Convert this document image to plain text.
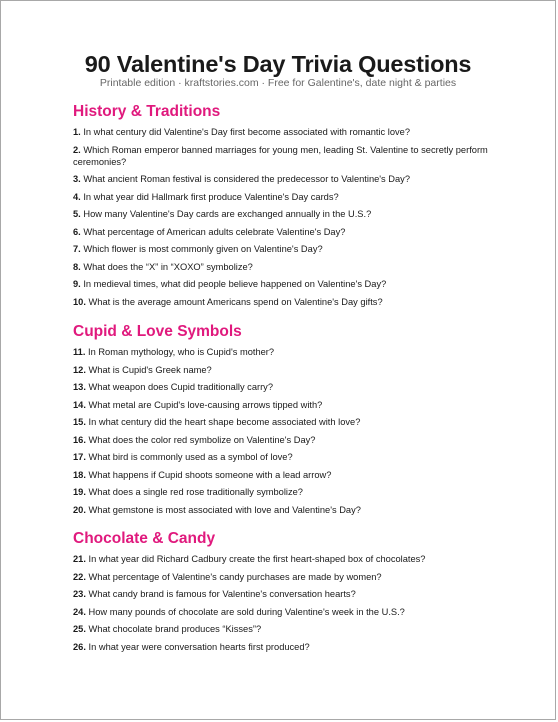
90 Valentine's Day Trivia Questions
Printable edition · kraftstories.com · Free for Galentine's, date night & parties
History & Traditions

1. In what century did Valentine's Day first become associated with romantic love?

2. Which Roman emperor banned marriages for young men, leading St. Valentine to secretly perform ceremonies?

3. What ancient Roman festival is considered the predecessor to Valentine's Day?

4. In what year did Hallmark first produce Valentine's Day cards?

5. How many Valentine's Day cards are exchanged annually in the U.S.?

6. What percentage of American adults celebrate Valentine's Day?

7. Which flower is most commonly given on Valentine's Day?

8. What does the “X” in “XOXO” symbolize?

9. In medieval times, what did people believe happened on Valentine's Day?

10. What is the average amount Americans spend on Valentine's Day gifts?

Cupid & Love Symbols

11. In Roman mythology, who is Cupid's mother?

12. What is Cupid's Greek name?

13. What weapon does Cupid traditionally carry?

14. What metal are Cupid's love-causing arrows tipped with?

15. In what century did the heart shape become associated with love?

16. What does the color red symbolize on Valentine's Day?

17. What bird is commonly used as a symbol of love?

18. What happens if Cupid shoots someone with a lead arrow?

19. What does a single red rose traditionally symbolize?

20. What gemstone is most associated with love and Valentine's Day?

Chocolate & Candy

21. In what year did Richard Cadbury create the first heart-shaped box of chocolates?

22. What percentage of Valentine's candy purchases are made by women?

23. What candy brand is famous for Valentine's conversation hearts?

24. How many pounds of chocolate are sold during Valentine's week in the U.S.?

25. What chocolate brand produces “Kisses”?

26. In what year were conversation hearts first produced?
